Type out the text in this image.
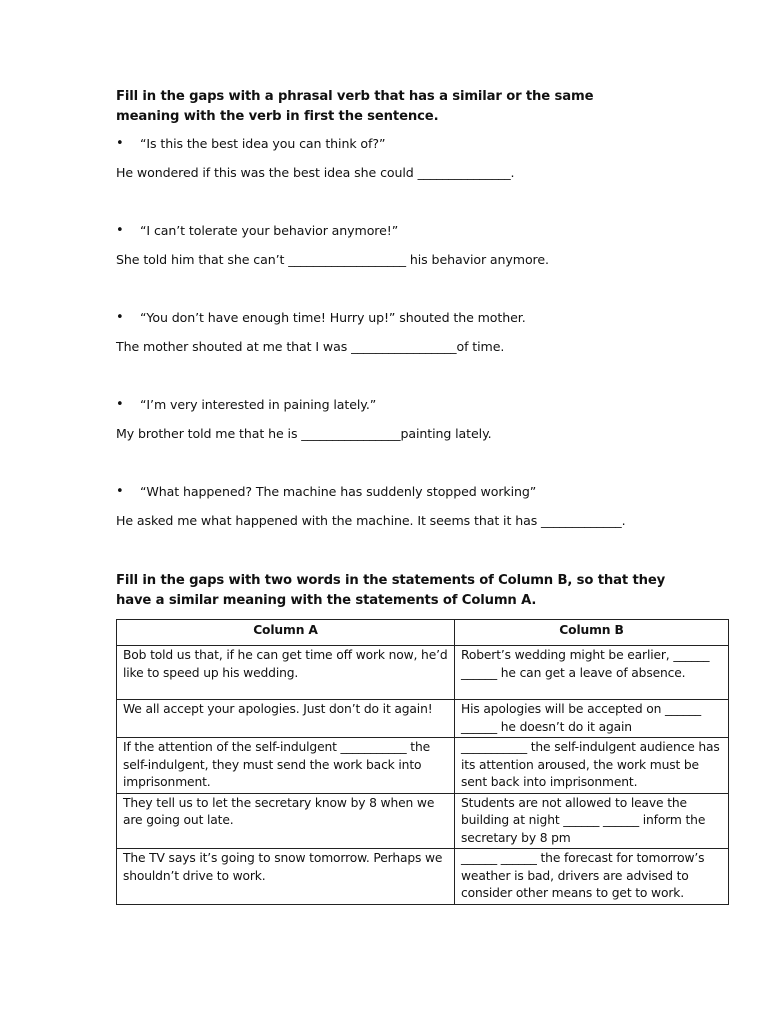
Fill in the gaps with a phrasal verb that has a similar or the same meaning with the verb in first the sentence.

•	“Is this the best idea you can think of?”
He wondered if this was the best idea she could _______________.
•	“I can’t tolerate your behavior anymore!”
She told him that she can’t ___________________ his behavior anymore.
•	“You don’t have enough time! Hurry up!” shouted the mother.
The mother shouted at me that I was _________________of time.
•	“I’m very interested in paining lately.”
My brother told me that he is ________________painting lately.
•	“What happened? The machine has suddenly stopped working”
He asked me what happened with the machine. It seems that it has _____________.

Fill in the gaps with two words in the statements of Column B, so that they have a similar meaning with the statements of Column A.

Column A	Column B
Bob told us that, if he can get time off work now, he’d like to speed up his wedding.	Robert’s wedding might be earlier, ______ ______ he can get a leave of absence.
We all accept your apologies. Just don’t do it again!	His apologies will be accepted on ______ ______ he doesn’t do it again
If the attention of the self-indulgent ___________ the self-indulgent, they must send the work back into imprisonment.	___________ the self-indulgent audience has its attention aroused, the work must be sent back into imprisonment.
They tell us to let the secretary know by 8 when we are going out late.	Students are not allowed to leave the building at night ______ ______ inform the secretary by 8 pm
The TV says it’s going to snow tomorrow. Perhaps we shouldn’t drive to work.	______ ______ the forecast for tomorrow’s weather is bad, drivers are advised to consider other means to get to work.
